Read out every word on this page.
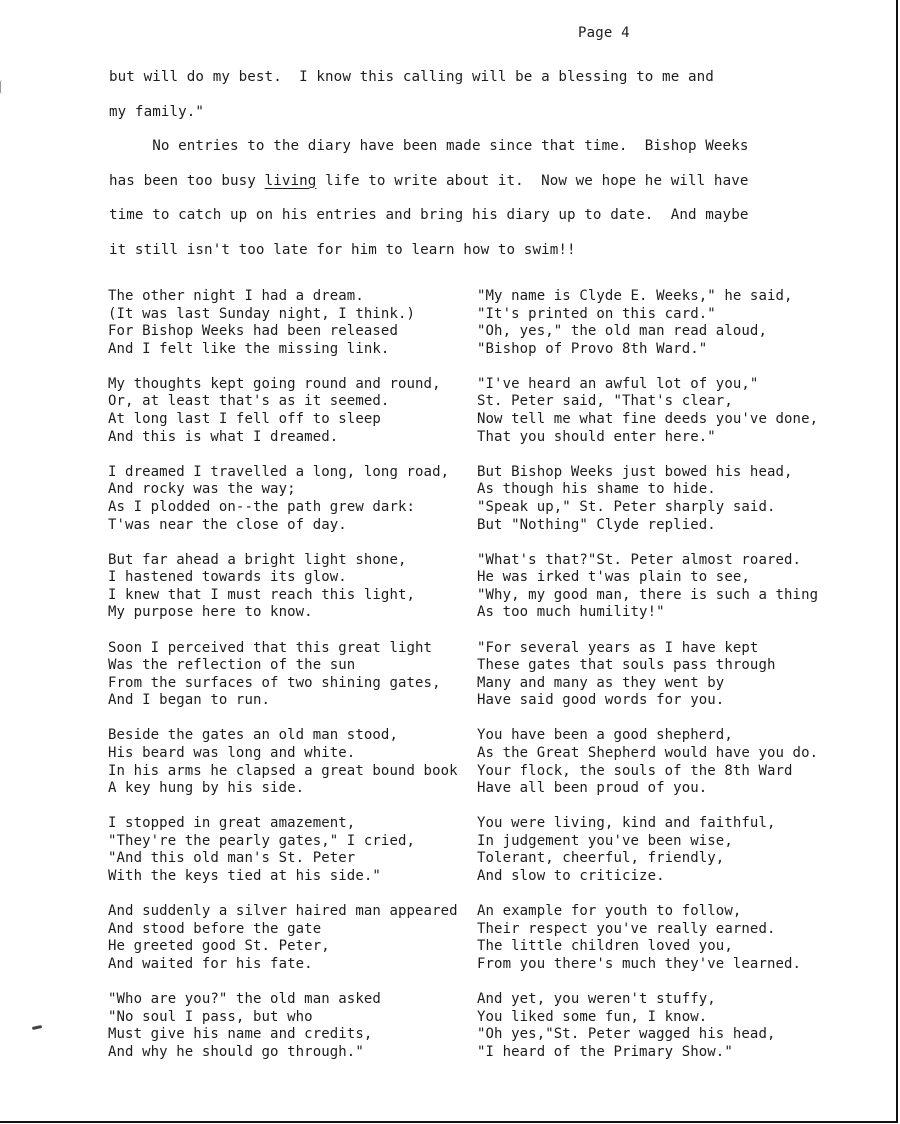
Page 4
but will do my best.  I know this calling will be a blessing to me and
my family."
No entries to the diary have been made since that time.  Bishop Weeks
has been too busy living life to write about it.  Now we hope he will have
time to catch up on his entries and bring his diary up to date.  And maybe
it still isn't too late for him to learn how to swim!!
The other night I had a dream.
(It was last Sunday night, I think.)
For Bishop Weeks had been released
And I felt like the missing link.
My thoughts kept going round and round,
Or, at least that's as it seemed.
At long last I fell off to sleep
And this is what I dreamed.
I dreamed I travelled a long, long road,
And rocky was the way;
As I plodded on--the path grew dark:
T'was near the close of day.
But far ahead a bright light shone,
I hastened towards its glow.
I knew that I must reach this light,
My purpose here to know.
Soon I perceived that this great light
Was the reflection of the sun
From the surfaces of two shining gates,
And I began to run.
Beside the gates an old man stood,
His beard was long and white.
In his arms he clapsed a great bound book
A key hung by his side.
I stopped in great amazement,
"They're the pearly gates," I cried,
"And this old man's St. Peter
With the keys tied at his side."
And suddenly a silver haired man appeared
And stood before the gate
He greeted good St. Peter,
And waited for his fate.
"Who are you?" the old man asked
"No soul I pass, but who
Must give his name and credits,
And why he should go through."
"My name is Clyde E. Weeks," he said,
"It's printed on this card."
"Oh, yes," the old man read aloud,
"Bishop of Provo 8th Ward."
"I've heard an awful lot of you,"
St. Peter said, "That's clear,
Now tell me what fine deeds you've done,
That you should enter here."
But Bishop Weeks just bowed his head,
As though his shame to hide.
"Speak up," St. Peter sharply said.
But "Nothing" Clyde replied.
"What's that?"St. Peter almost roared.
He was irked t'was plain to see,
"Why, my good man, there is such a thing
As too much humility!"
"For several years as I have kept
These gates that souls pass through
Many and many as they went by
Have said good words for you.
You have been a good shepherd,
As the Great Shepherd would have you do.
Your flock, the souls of the 8th Ward
Have all been proud of you.
You were living, kind and faithful,
In judgement you've been wise,
Tolerant, cheerful, friendly,
And slow to criticize.
An example for youth to follow,
Their respect you've really earned.
The little children loved you,
From you there's much they've learned.
And yet, you weren't stuffy,
You liked some fun, I know.
"Oh yes,"St. Peter wagged his head,
"I heard of the Primary Show."
